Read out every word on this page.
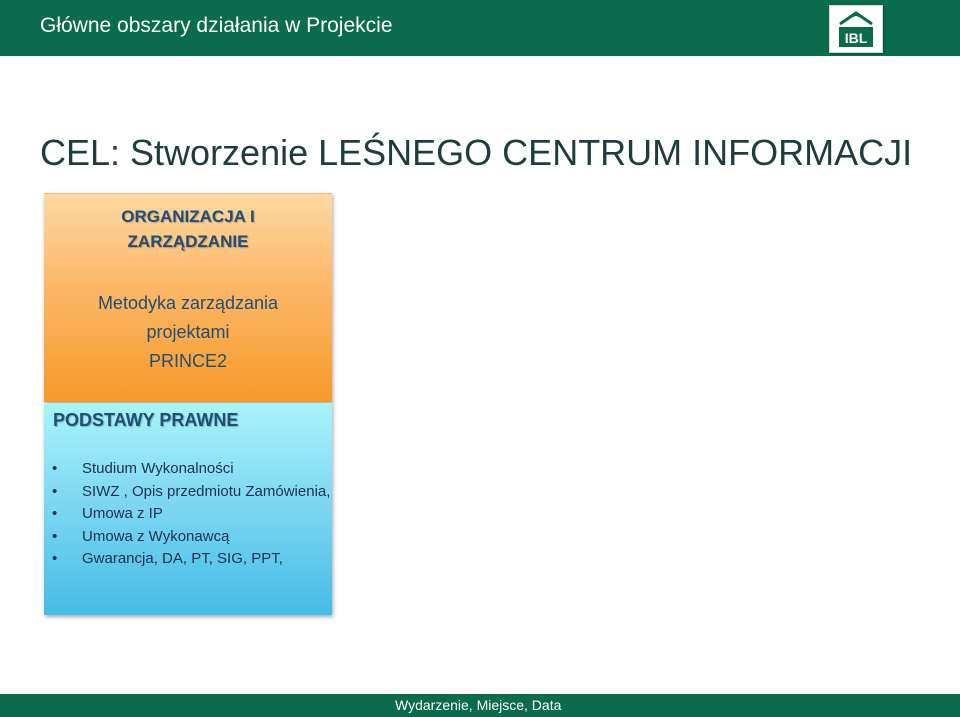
Główne obszary działania w Projekcie
IBL
CEL: Stworzenie LEŚNEGO CENTRUM INFORMACJI
ORGANIZACJA I
ZARZĄDZANIE
Metodyka zarządzania
projektami
PRINCE2
PODSTAWY PRAWNE
• Studium Wykonalności
• SIWZ , Opis przedmiotu Zamówienia,
• Umowa z IP
• Umowa z Wykonawcą
• Gwarancja, DA, PT, SIG, PPT,
Wydarzenie, Miejsce, Data
